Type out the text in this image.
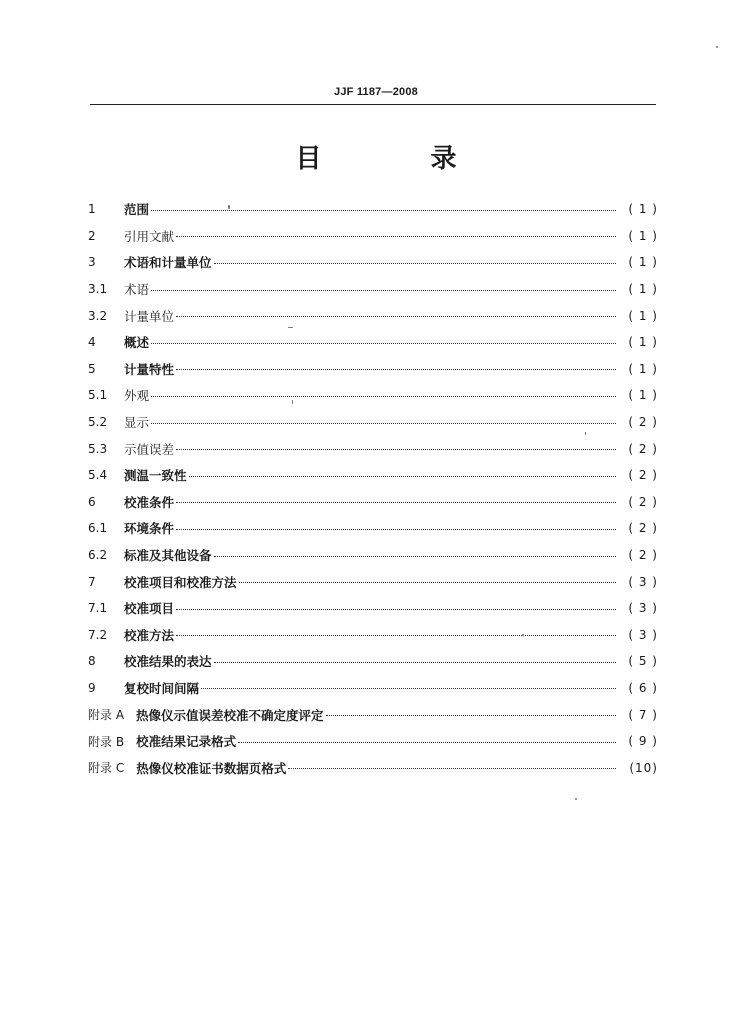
JJF 1187—2008
目 录
1	范围	( 1 )
2	引用文献	( 1 )
3	术语和计量单位	( 1 )
3.1	术语	( 1 )
3.2	计量单位	( 1 )
4	概述	( 1 )
5	计量特性	( 1 )
5.1	外观	( 1 )
5.2	显示	( 2 )
5.3	示值误差	( 2 )
5.4	测温一致性	( 2 )
6	校准条件	( 2 )
6.1	环境条件	( 2 )
6.2	标准及其他设备	( 2 )
7	校准项目和校准方法	( 3 )
7.1	校准项目	( 3 )
7.2	校准方法	( 3 )
8	校准结果的表达	( 5 )
9	复校时间间隔	( 6 )
附录 A 热像仪示值误差校准不确定度评定	( 7 )
附录 B 校准结果记录格式	( 9 )
附录 C 热像仪校准证书数据页格式	(10)
